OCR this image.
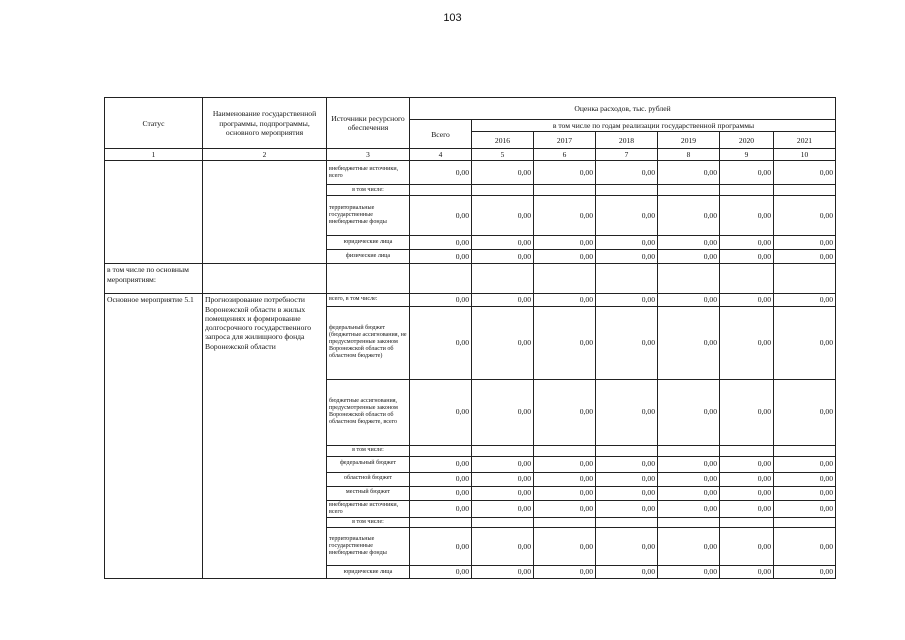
103
Статус	Наименование государственной программы, подпрограммы, основного мероприятия	Источники ресурсного обеспечения	Оценка расходов, тыс. рублей						
			Всего	в том числе по годам реализации государственной программы					
				2016	2017	2018	2019	2020	2021
1	2	3	4	5	6	7	8	9	10
		внебюджетные источники, всего	0,00	0,00	0,00	0,00	0,00	0,00	0,00
		в том числе:							
		территориальные государственные внебюджетные фонды	0,00	0,00	0,00	0,00	0,00	0,00	0,00
		юридические лица	0,00	0,00	0,00	0,00	0,00	0,00	0,00
		физические лица	0,00	0,00	0,00	0,00	0,00	0,00	0,00
в том числе по основным мероприятиям:									
Основное мероприятие 5.1	Прогнозирование потребности Воронежской области в жилых помещениях и формирование долгосрочного государственного запроса для жилищного фонда Воронежской области	всего, в том числе:	0,00	0,00	0,00	0,00	0,00	0,00	0,00
		федеральный бюджет (бюджетные ассигнования, не предусмотренные законом Воронежской области об областном бюджете)	0,00	0,00	0,00	0,00	0,00	0,00	0,00
		бюджетные ассигнования, предусмотренные законом Воронежской области об областном бюджете, всего	0,00	0,00	0,00	0,00	0,00	0,00	0,00
		в том числе:							
		федеральный бюджет	0,00	0,00	0,00	0,00	0,00	0,00	0,00
		областной бюджет	0,00	0,00	0,00	0,00	0,00	0,00	0,00
		местный бюджет	0,00	0,00	0,00	0,00	0,00	0,00	0,00
		внебюджетные источники, всего	0,00	0,00	0,00	0,00	0,00	0,00	0,00
		в том числе:							
		территориальные государственные внебюджетные фонды	0,00	0,00	0,00	0,00	0,00	0,00	0,00
		юридические лица	0,00	0,00	0,00	0,00	0,00	0,00	0,00
